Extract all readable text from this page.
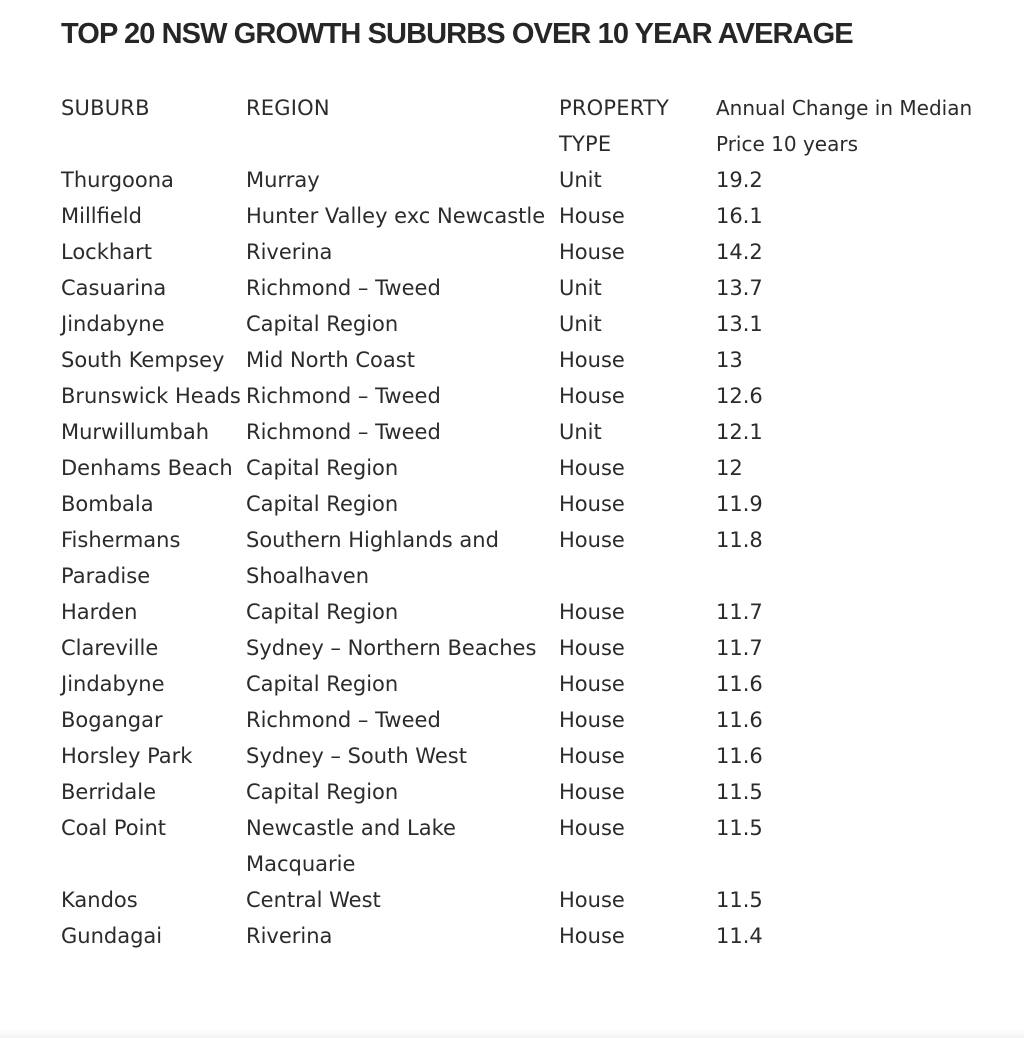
TOP 20 NSW GROWTH SUBURBS OVER 10 YEAR AVERAGE
SUBURB	REGION	PROPERTY TYPE	Annual Change in Median Price 10 years
Thurgoona	Murray	Unit	19.2
Millfield	Hunter Valley exc Newcastle	House	16.1
Lockhart	Riverina	House	14.2
Casuarina	Richmond – Tweed	Unit	13.7
Jindabyne	Capital Region	Unit	13.1
South Kempsey	Mid North Coast	House	13
Brunswick Heads	Richmond – Tweed	House	12.6
Murwillumbah	Richmond – Tweed	Unit	12.1
Denhams Beach	Capital Region	House	12
Bombala	Capital Region	House	11.9
Fishermans Paradise	Southern Highlands and Shoalhaven	House	11.8
Harden	Capital Region	House	11.7
Clareville	Sydney – Northern Beaches	House	11.7
Jindabyne	Capital Region	House	11.6
Bogangar	Richmond – Tweed	House	11.6
Horsley Park	Sydney – South West	House	11.6
Berridale	Capital Region	House	11.5
Coal Point	Newcastle and Lake Macquarie	House	11.5
Kandos	Central West	House	11.5
Gundagai	Riverina	House	11.4
